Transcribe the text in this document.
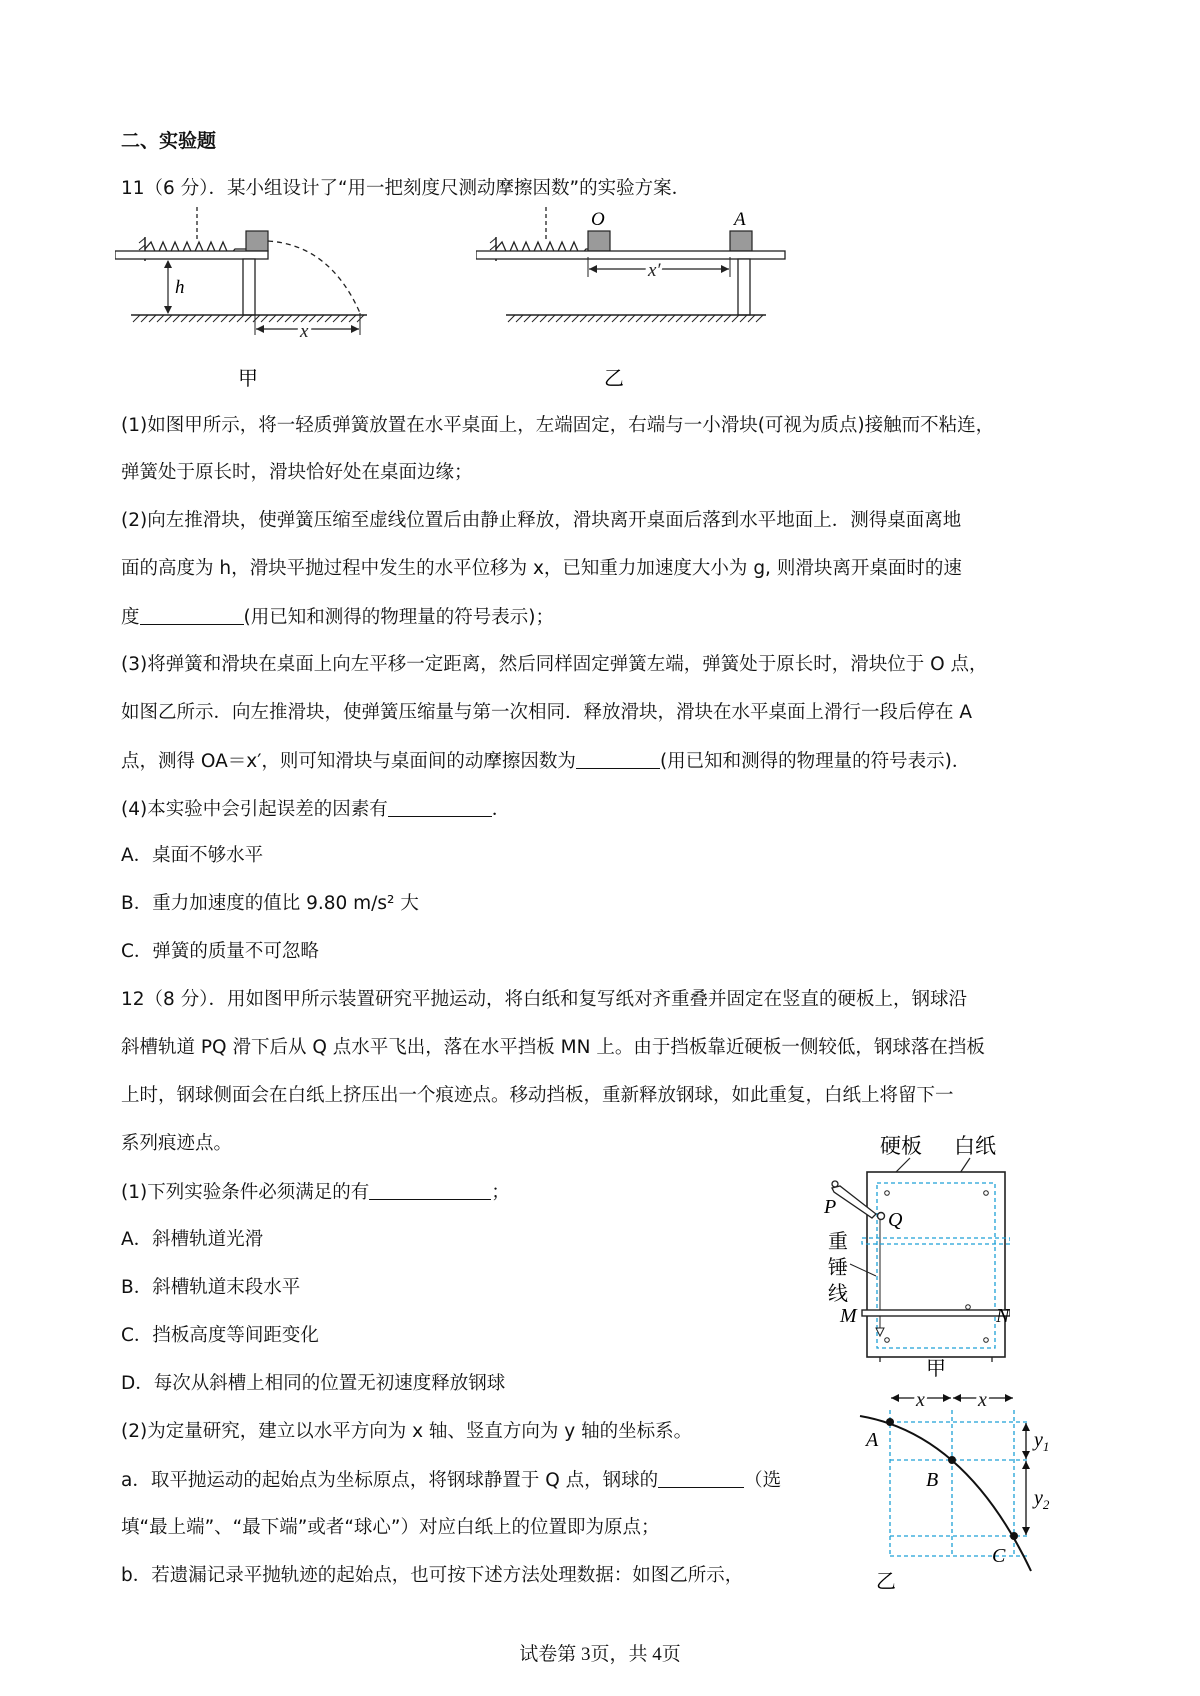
二、实验题
11（6 分）．某小组设计了“用一把刻度尺测动摩擦因数”的实验方案．
h
x
甲
O	A
x′
乙
(1)如图甲所示，将一轻质弹簧放置在水平桌面上，左端固定，右端与一小滑块(可视为质点)接触而不粘连，
弹簧处于原长时，滑块恰好处在桌面边缘；
(2)向左推滑块，使弹簧压缩至虚线位置后由静止释放，滑块离开桌面后落到水平地面上．测得桌面离地
面的高度为 h，滑块平抛过程中发生的水平位移为 x，已知重力加速度大小为 g, 则滑块离开桌面时的速
度	(用已知和测得的物理量的符号表示)；
(3)将弹簧和滑块在桌面上向左平移一定距离，然后同样固定弹簧左端，弹簧处于原长时，滑块位于 O 点，
如图乙所示．向左推滑块，使弹簧压缩量与第一次相同．释放滑块，滑块在水平桌面上滑行一段后停在 A
点，测得 OA＝x′，则可知滑块与桌面间的动摩擦因数为	(用已知和测得的物理量的符号表示)．
(4)本实验中会引起误差的因素有	．
A．桌面不够水平
B．重力加速度的值比 9.80 m/s² 大
C．弹簧的质量不可忽略
12（8 分）．用如图甲所示装置研究平抛运动，将白纸和复写纸对齐重叠并固定在竖直的硬板上，钢球沿
斜槽轨道 PQ 滑下后从 Q 点水平飞出，落在水平挡板 MN 上。由于挡板靠近硬板一侧较低，钢球落在挡板
上时，钢球侧面会在白纸上挤压出一个痕迹点。移动挡板，重新释放钢球，如此重复，白纸上将留下一
系列痕迹点。
(1)下列实验条件必须满足的有	；
A．斜槽轨道光滑
B．斜槽轨道末段水平
C．挡板高度等间距变化
D．每次从斜槽上相同的位置无初速度释放钢球
(2)为定量研究，建立以水平方向为 x 轴、竖直方向为 y 轴的坐标系。
a．取平抛运动的起始点为坐标原点，将钢球静置于 Q 点，钢球的	（选
填“最上端”、“最下端”或者“球心”）对应白纸上的位置即为原点；
b．若遗漏记录平抛轨迹的起始点，也可按下述方法处理数据：如图乙所示，
硬板 白纸
P
Q
重
锤
线
M	N
甲
A
B
C
x	x
$y_1$
$y_2$
乙
试卷第 3页，共 4页
